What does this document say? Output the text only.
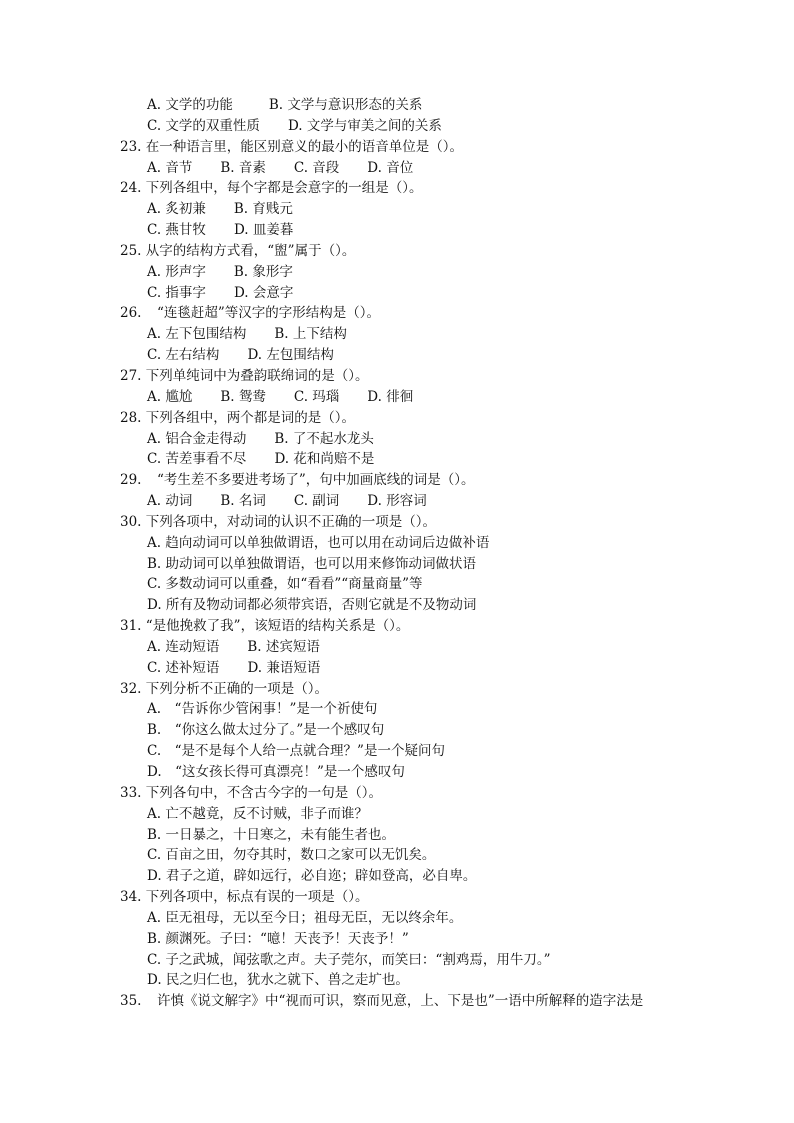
A. 文学的功能	B. 文学与意识形态的关系
C. 文学的双重性质 D. 文学与审美之间的关系
23. 在一种语言里，能区别意义的最小的语音单位是（）。
A. 音节 B. 音素 C. 音段 D. 音位
24. 下列各组中，每个字都是会意字的一组是（）。
A. 炙初兼 B. 育贱元
C. 燕甘牧 D. 皿姜暮
25. 从字的结构方式看，“盥”属于（）。
A. 形声字 B. 象形字
C. 指事字 D. 会意字
26. “连毯赶超”等汉字的字形结构是（）。
A. 左下包围结构 B. 上下结构
C. 左右结构 D. 左包围结构
27. 下列单纯词中为叠韵联绵词的是（）。
A. 尴尬 B. 鸳鸯 C. 玛瑙 D. 徘徊
28. 下列各组中，两个都是词的是（）。
A. 铝合金走得动 B. 了不起水龙头
C. 苦差事看不尽 D. 花和尚赔不是
29. “考生差不多要进考场了”，句中加画底线的词是（）。
A. 动词 B. 名词 C. 副词 D. 形容词
30. 下列各项中，对动词的认识不正确的一项是（）。
A. 趋向动词可以单独做谓语，也可以用在动词后边做补语
B. 助动词可以单独做谓语，也可以用来修饰动词做状语
C. 多数动词可以重叠，如“看看”“商量商量”等
D. 所有及物动词都必须带宾语，否则它就是不及物动词
31. “是他挽救了我”，该短语的结构关系是（）。
A. 连动短语 B. 述宾短语
C. 述补短语 D. 兼语短语
32. 下列分析不正确的一项是（）。
A.　“告诉你少管闲事！”是一个祈使句
B.　“你这么做太过分了。”是一个感叹句
C.　“是不是每个人给一点就合理？”是一个疑问句
D.　“这女孩长得可真漂亮！”是一个感叹句
33. 下列各句中，不含古今字的一句是（）。
A. 亡不越竟，反不讨贼，非子而谁？
B. 一日暴之，十日寒之，未有能生者也。
C. 百亩之田，勿夺其时，数口之家可以无饥矣。
D. 君子之道，辟如远行，必自迩；辟如登高，必自卑。
34. 下列各项中，标点有误的一项是（）。
A. 臣无祖母，无以至今日；祖母无臣，无以终余年。
B. 颜渊死。子曰：“噫！天丧予！天丧予！”
C. 子之武城，闻弦歌之声。夫子莞尔，而笑曰：“割鸡焉，用牛刀。”
D. 民之归仁也，犹水之就下、兽之走圹也。
35. 许慎《说文解字》中“视而可识，察而见意，上、下是也”一语中所解释的造字法是
